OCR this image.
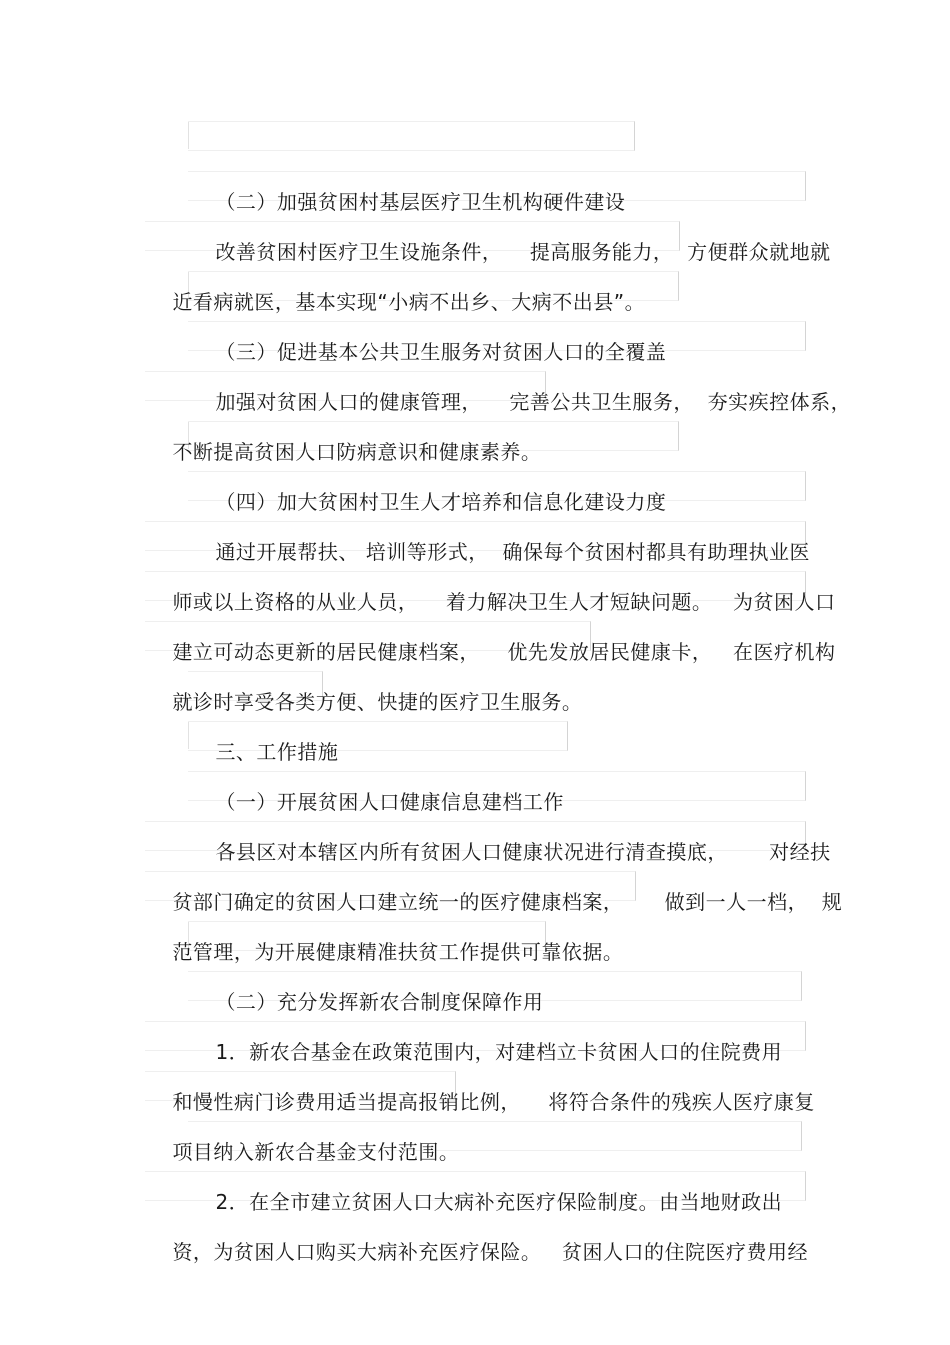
（二）加强贫困村基层医疗卫生机构硬件建设

改善贫困村医疗卫生设施条件，    提高服务能力，  方便群众就地就

近看病就医，基本实现“小病不出乡、大病不出县”。

（三）促进基本公共卫生服务对贫困人口的全覆盖

加强对贫困人口的健康管理，    完善公共卫生服务，  夯实疾控体系，

不断提高贫困人口防病意识和健康素养。

（四）加大贫困村卫生人才培养和信息化建设力度

通过开展帮扶、 培训等形式，  确保每个贫困村都具有助理执业医

师或以上资格的从业人员，    着力解决卫生人才短缺问题。   为贫困人口

建立可动态更新的居民健康档案，    优先发放居民健康卡，   在医疗机构

就诊时享受各类方便、快捷的医疗卫生服务。

三、工作措施

（一）开展贫困人口健康信息建档工作

各县区对本辖区内所有贫困人口健康状况进行清查摸底，      对经扶

贫部门确定的贫困人口建立统一的医疗健康档案，      做到一人一档，  规

范管理，为开展健康精准扶贫工作提供可靠依据。

（二）充分发挥新农合制度保障作用

1．新农合基金在政策范围内，对建档立卡贫困人口的住院费用

和慢性病门诊费用适当提高报销比例，    将符合条件的残疾人医疗康复

项目纳入新农合基金支付范围。

2．在全市建立贫困人口大病补充医疗保险制度。由当地财政出

资，为贫困人口购买大病补充医疗保险。   贫困人口的住院医疗费用经
